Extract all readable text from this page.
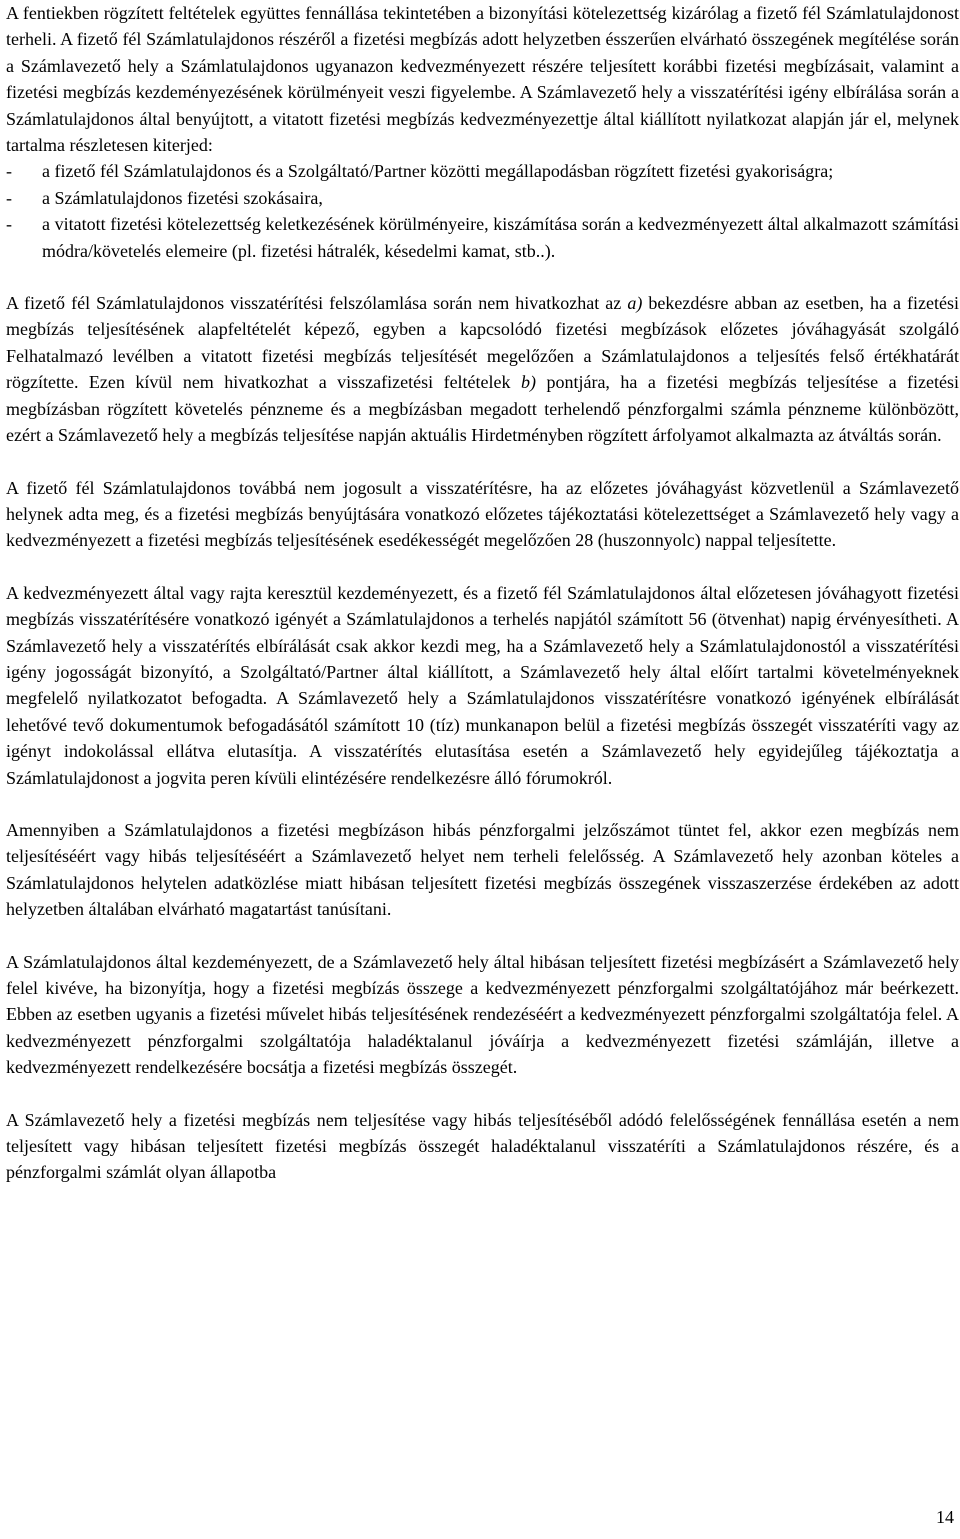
A fentiekben rögzített feltételek együttes fennállása tekintetében a bizonyítási kötelezettség kizárólag a fizető fél Számlatulajdonost terheli. A fizető fél Számlatulajdonos részéről a fizetési megbízás adott helyzetben ésszerűen elvárható összegének megítélése során a Számlavezető hely a Számlatulajdonos ugyanazon kedvezményezett részére teljesített korábbi fizetési megbízásait, valamint a fizetési megbízás kezdeményezésének körülményeit veszi figyelembe. A Számlavezető hely a visszatérítési igény elbírálása során a Számlatulajdonos által benyújtott, a vitatott fizetési megbízás kedvezményezettje által kiállított nyilatkozat alapján jár el, melynek tartalma részletesen kiterjed:

- a fizető fél Számlatulajdonos és a Szolgáltató/Partner közötti megállapodásban rögzített fizetési gyakoriságra;
- a Számlatulajdonos fizetési szokásaira,
- a vitatott fizetési kötelezettség keletkezésének körülményeire, kiszámítása során a kedvezményezett által alkalmazott számítási módra/követelés elemeire (pl. fizetési hátralék, késedelmi kamat, stb..).

A fizető fél Számlatulajdonos visszatérítési felszólamlása során nem hivatkozhat az a) bekezdésre abban az esetben, ha a fizetési megbízás teljesítésének alapfeltételét képező, egyben a kapcsolódó fizetési megbízások előzetes jóváhagyását szolgáló Felhatalmazó levélben a vitatott fizetési megbízás teljesítését megelőzően a Számlatulajdonos a teljesítés felső értékhatárát rögzítette. Ezen kívül nem hivatkozhat a visszafizetési feltételek b) pontjára, ha a fizetési megbízás teljesítése a fizetési megbízásban rögzített követelés pénzneme és a megbízásban megadott terhelendő pénzforgalmi számla pénzneme különbözött, ezért a Számlavezető hely a megbízás teljesítése napján aktuális Hirdetményben rögzített árfolyamot alkalmazta az átváltás során.

A fizető fél Számlatulajdonos továbbá nem jogosult a visszatérítésre, ha az előzetes jóváhagyást közvetlenül a Számlavezető helynek adta meg, és a fizetési megbízás benyújtására vonatkozó előzetes tájékoztatási kötelezettséget a Számlavezető hely vagy a kedvezményezett a fizetési megbízás teljesítésének esedékességét megelőzően 28 (huszonnyolc) nappal teljesítette.

A kedvezményezett által vagy rajta keresztül kezdeményezett, és a fizető fél Számlatulajdonos által előzetesen jóváhagyott fizetési megbízás visszatérítésére vonatkozó igényét a Számlatulajdonos a terhelés napjától számított 56 (ötvenhat) napig érvényesítheti. A Számlavezető hely a visszatérítés elbírálását csak akkor kezdi meg, ha a Számlavezető hely a Számlatulajdonostól a visszatérítési igény jogosságát bizonyító, a Szolgáltató/Partner által kiállított, a Számlavezető hely által előírt tartalmi követelményeknek megfelelő nyilatkozatot befogadta. A Számlavezető hely a Számlatulajdonos visszatérítésre vonatkozó igényének elbírálását lehetővé tevő dokumentumok befogadásától számított 10 (tíz) munkanapon belül a fizetési megbízás összegét visszatéríti vagy az igényt indokolással ellátva elutasítja. A visszatérítés elutasítása esetén a Számlavezető hely egyidejűleg tájékoztatja a Számlatulajdonost a jogvita peren kívüli elintézésére rendelkezésre álló fórumokról.

Amennyiben a Számlatulajdonos a fizetési megbízáson hibás pénzforgalmi jelzőszámot tüntet fel, akkor ezen megbízás nem teljesítéséért vagy hibás teljesítéséért a Számlavezető helyet nem terheli felelősség. A Számlavezető hely azonban köteles a Számlatulajdonos helytelen adatközlése miatt hibásan teljesített fizetési megbízás összegének visszaszerzése érdekében az adott helyzetben általában elvárható magatartást tanúsítani.

A Számlatulajdonos által kezdeményezett, de a Számlavezető hely által hibásan teljesített fizetési megbízásért a Számlavezető hely felel kivéve, ha bizonyítja, hogy a fizetési megbízás összege a kedvezményezett pénzforgalmi szolgáltatójához már beérkezett. Ebben az esetben ugyanis a fizetési művelet hibás teljesítésének rendezéséért a kedvezményezett pénzforgalmi szolgáltatója felel. A kedvezményezett pénzforgalmi szolgáltatója haladéktalanul jóváírja a kedvezményezett fizetési számláján, illetve a kedvezményezett rendelkezésére bocsátja a fizetési megbízás összegét.

A Számlavezető hely a fizetési megbízás nem teljesítése vagy hibás teljesítéséből adódó felelősségének fennállása esetén a nem teljesített vagy hibásan teljesített fizetési megbízás összegét haladéktalanul visszatéríti a Számlatulajdonos részére, és a pénzforgalmi számlát olyan állapotba

14
